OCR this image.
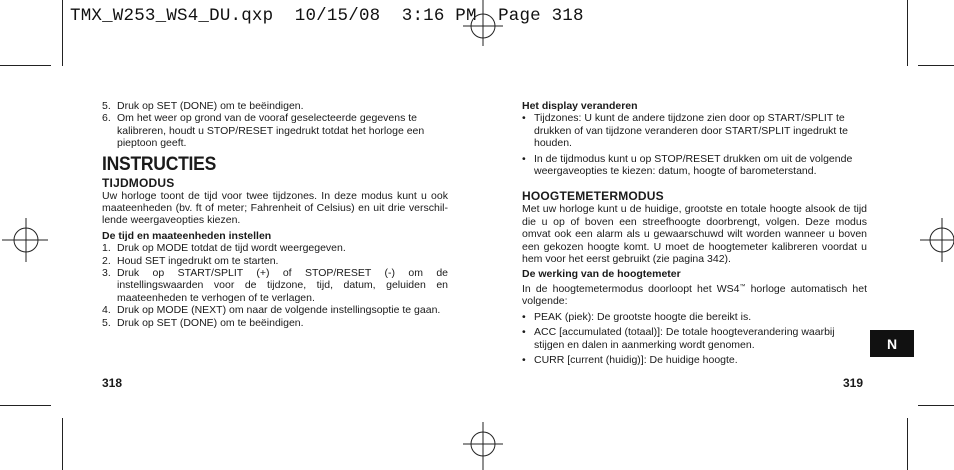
TMX_W253_WS4_DU.qxp  10/15/08  3:16 PM  Page 318
5. Druk op SET (DONE) om te beëindigen.
6. Om het weer op grond van de vooraf geselecteerde gegevens te kalibreren, houdt u STOP/RESET ingedrukt totdat het horloge een pieptoon geeft.
INSTRUCTIES
TIJDMODUS
Uw horloge toont de tijd voor twee tijdzones. In deze modus kunt u ook maateenheden (bv. ft of meter; Fahrenheit of Celsius) en uit drie verschil-lende weergaveopties kiezen.
De tijd en maateenheden instellen
1. Druk op MODE totdat de tijd wordt weergegeven.
2. Houd SET ingedrukt om te starten.
3. Druk op START/SPLIT (+) of STOP/RESET (-) om de instellingswaarden voor de tijdzone, tijd, datum, geluiden en maateenheden te verhogen of te verlagen.
4. Druk op MODE (NEXT) om naar de volgende instellingsoptie te gaan.
5. Druk op SET (DONE) om te beëindigen.
318
Het display veranderen
• Tijdzones: U kunt de andere tijdzone zien door op START/SPLIT te drukken of van tijdzone veranderen door START/SPLIT ingedrukt te houden.
• In de tijdmodus kunt u op STOP/RESET drukken om uit de volgende weergaveopties te kiezen: datum, hoogte of barometerstand.
HOOGTEMETERMODUS
Met uw horloge kunt u de huidige, grootste en totale hoogte alsook de tijd die u op of boven een streefhoogte doorbrengt, volgen. Deze modus omvat ook een alarm als u gewaarschuwd wilt worden wanneer u boven een gekozen hoogte komt. U moet de hoogtemeter kalibreren voordat u hem voor het eerst gebruikt (zie pagina 342).
De werking van de hoogtemeter
In de hoogtemetermodus doorloopt het WS4™ horloge automatisch het volgende:
• PEAK (piek): De grootste hoogte die bereikt is.
• ACC [accumulated (totaal)]: De totale hoogteverandering waarbij stijgen en dalen in aanmerking wordt genomen.
• CURR [current (huidig)]: De huidige hoogte.
319
N
